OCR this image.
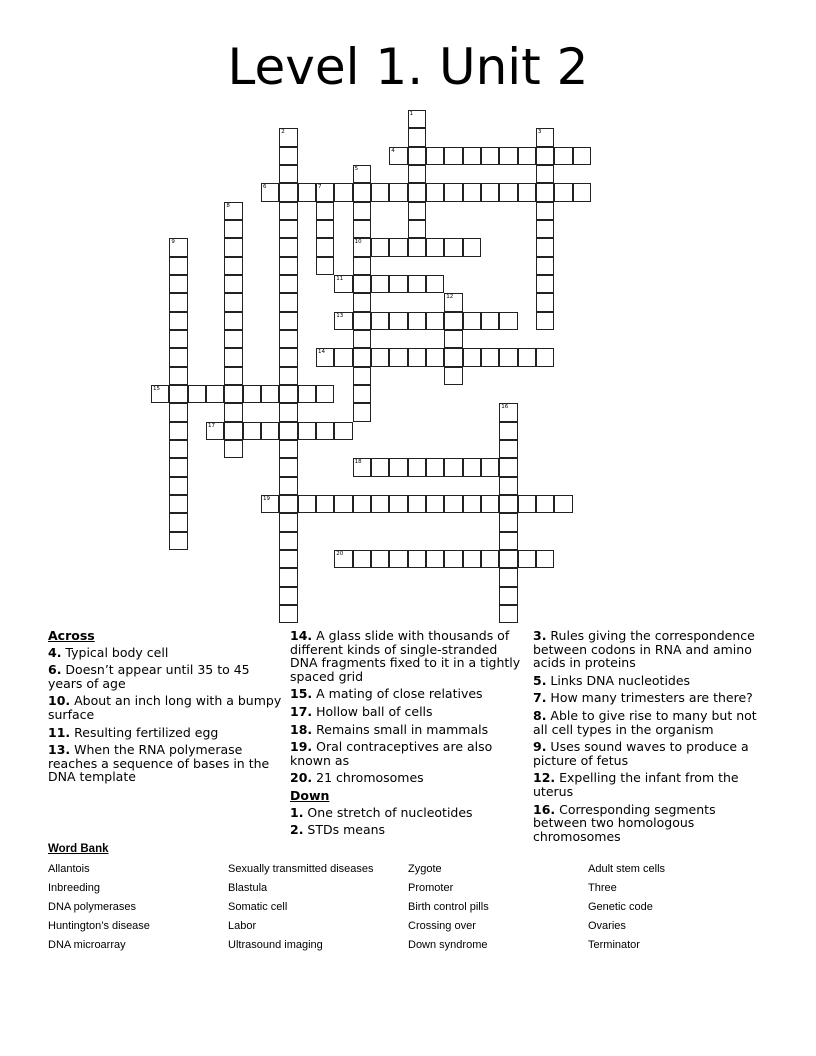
Level 1. Unit 2
1
2	3
4
5
10
6	7
8
9
11
12
13
14
15
16
17
18
19
20
Across
4. Typical body cell
6. Doesn’t appear until 35 to 45 years of age
10. About an inch long with a bumpy surface
11. Resulting fertilized egg
13. When the RNA polymerase reaches a sequence of bases in the DNA template
14. A glass slide with thousands of different kinds of single-stranded DNA fragments fixed to it in a tightly spaced grid
15. A mating of close relatives
17. Hollow ball of cells
18. Remains small in mammals
19. Oral contraceptives are also known as
20. 21 chromosomes
Down
1. One stretch of nucleotides
2. STDs means
3. Rules giving the correspondence between codons in RNA and amino acids in proteins
5. Links DNA nucleotides
7. How many trimesters are there?
8. Able to give rise to many but not all cell types in the organism
9. Uses sound waves to produce a picture of fetus
12. Expelling the infant from the uterus
16. Corresponding segments between two homologous chromosomes
Word Bank
Allantois
Inbreeding
DNA polymerases
Huntington’s disease
DNA microarray
Sexually transmitted diseases
Blastula
Somatic cell
Labor
Ultrasound imaging
Zygote
Promoter
Birth control pills
Crossing over
Down syndrome
Adult stem cells
Three
Genetic code
Ovaries
Terminator
